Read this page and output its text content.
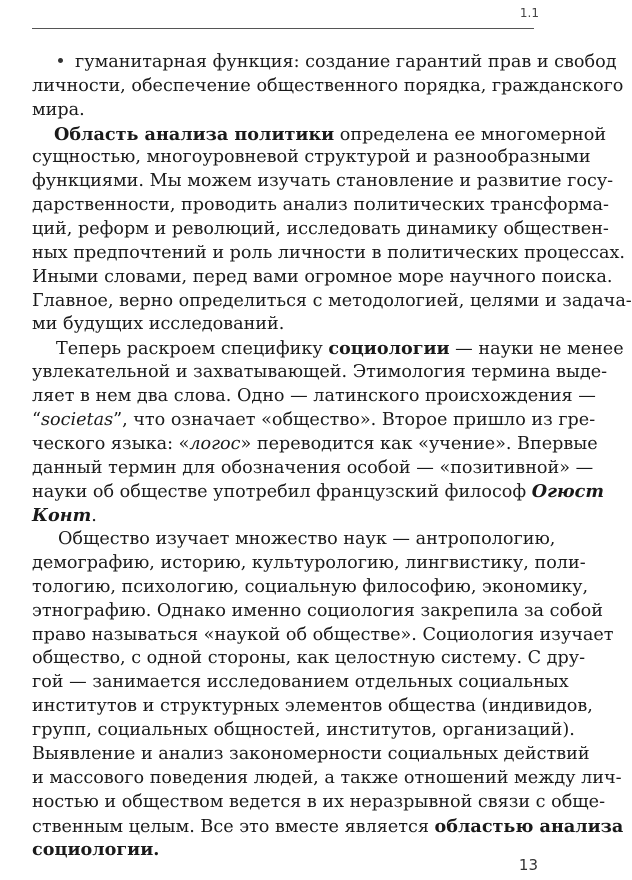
1.1
гуманитарная функция: создание гарантий прав и свобод
личности, обеспечение общественного порядка, гражданского
мира.
Область анализа политики определена ее многомерной
сущностью, многоуровневой структурой и разнообразными
функциями. Мы можем изучать становление и развитие госу-
дарственности, проводить анализ политических трансформа-
ций, реформ и революций, исследовать динамику обществен-
ных предпочтений и роль личности в политических процессах.
Иными словами, перед вами огромное море научного поиска.
Главное, верно определиться с методологией, целями и задача-
ми будущих исследований.
Теперь раскроем специфику социологии — науки не менее
увлекательной и захватывающей. Этимология термина выде-
ляет в нем два слова. Одно — латинского происхождения —
“societas”, что означает «общество». Второе пришло из гре-
ческого языка: «логос» переводится как «учение». Впервые
данный термин для обозначения особой — «позитивной» —
науки об обществе употребил французский философ Огюст
Конт.
Общество изучает множество наук — антропологию,
демографию, историю, культурологию, лингвистику, поли-
тологию, психологию, социальную философию, экономику,
этнографию. Однако именно социология закрепила за собой
право называться «наукой об обществе». Социология изучает
общество, с одной стороны, как целостную систему. С дру-
гой — занимается исследованием отдельных социальных
институтов и структурных элементов общества (индивидов,
групп, социальных общностей, институтов, организаций).
Выявление и анализ закономерности социальных действий
и массового поведения людей, а также отношений между лич-
ностью и обществом ведется в их неразрывной связи с обще-
ственным целым. Все это вместе является областью анализа
социологии.
13
